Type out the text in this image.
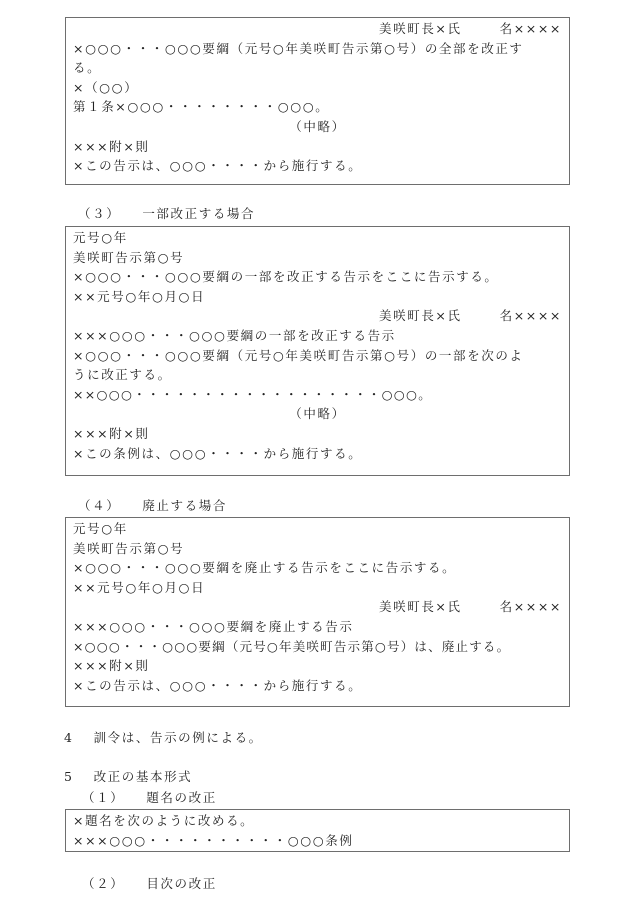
美咲町長×氏	名××××
×○○○・・・○○○要綱（元号○年美咲町告示第○号）の全部を改正す
る。
×（○○）
第１条×○○○・・・・・・・・○○○。
（中略）
×××附×則
×この告示は、○○○・・・・から施行する。
（３） 一部改正する場合
元号○年
美咲町告示第○号
×○○○・・・○○○要綱の一部を改正する告示をここに告示する。
××元号○年○月○日
美咲町長×氏	名××××
×××○○○・・・○○○要綱の一部を改正する告示
×○○○・・・○○○要綱（元号○年美咲町告示第○号）の一部を次のよ
うに改正する。
××○○○・・・・・・・・・・・・・・・・・・○○○。
（中略）
×××附×則
×この条例は、○○○・・・・から施行する。
（４） 廃止する場合
元号○年
美咲町告示第○号
×○○○・・・○○○要綱を廃止する告示をここに告示する。
××元号○年○月○日
美咲町長×氏	名××××
×××○○○・・・○○○要綱を廃止する告示
×○○○・・・○○○要綱（元号○年美咲町告示第○号）は、廃止する。
×××附×則
×この告示は、○○○・・・・から施行する。
4 訓令は、告示の例による。
5 改正の基本形式
（１） 題名の改正
×題名を次のように改める。
×××○○○・・・・・・・・・・○○○条例
（２） 目次の改正
